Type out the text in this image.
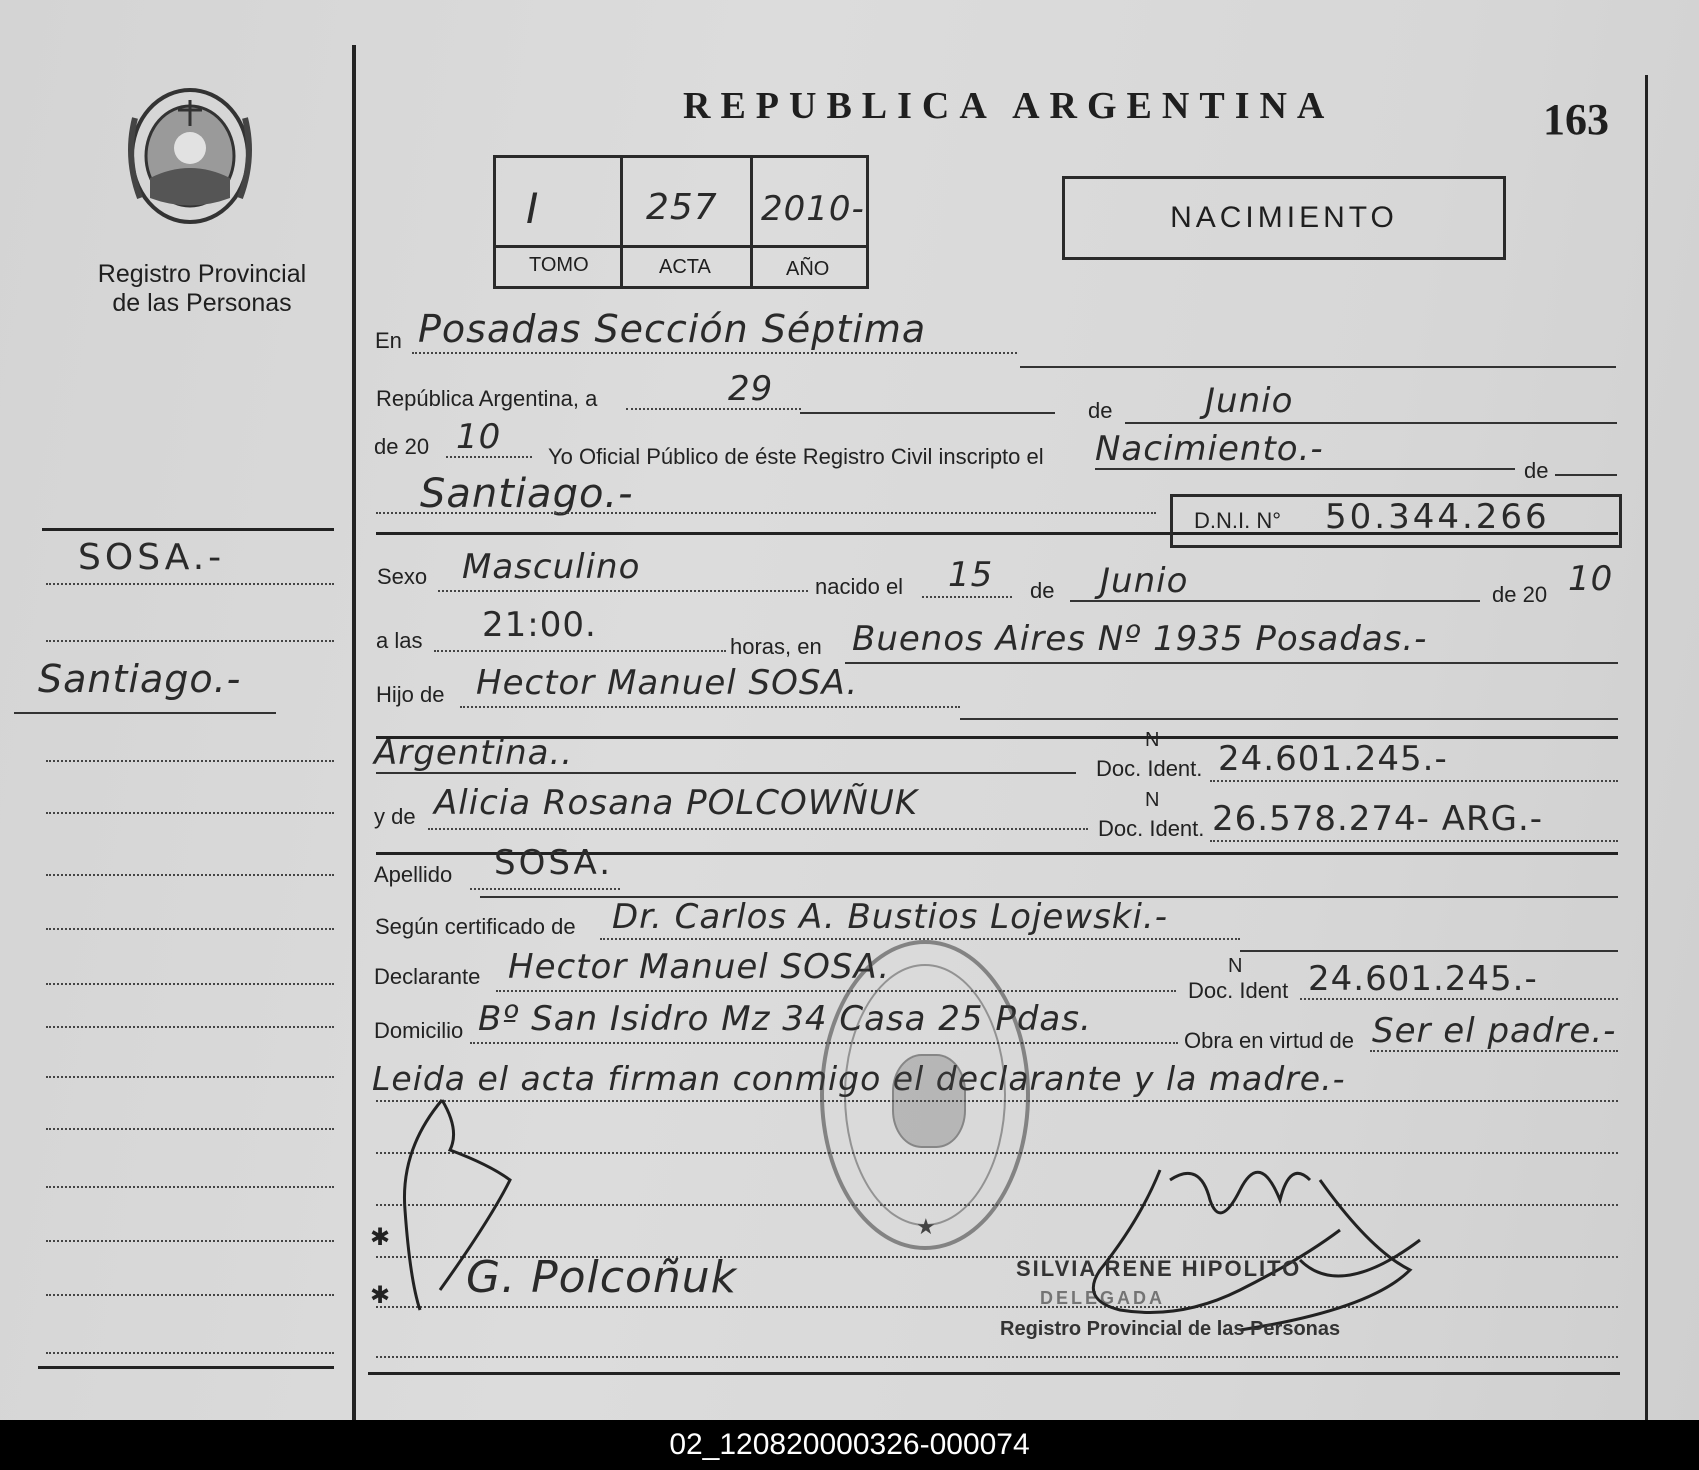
Registro Provincial
de las Personas
SOSA.-
Santiago.-
REPUBLICA ARGENTINA	163
I	257 2010-
TOMO	ACTA	AÑO
NACIMIENTO
En Posadas Sección Séptima
República Argentina, a	29
de	Junio
de 20 10 Yo Oficial Público de éste Registro Civil inscripto el Nacimiento.-
de
Santiago.-
D.N.I. N° 50.344.266
Sexo Masculino	nacido el 15 de Junio	de 20 10
a las 21:00.
horas, en Buenos Aires Nº 1935 Posadas.-
Hijo de Hector Manuel SOSA.
Argentina..	N
Doc. Ident. 24.601.245.-
y de Alicia Rosana POLCOWÑUK	N
Doc. Ident. 26.578.274- ARG.-
Apellido SOSA.
Según certificado de Dr. Carlos A. Bustios Lojewski.-
Declarante Hector Manuel SOSA.	N
Doc. Ident 24.601.245.-
Domicilio Bº San Isidro Mz 34 Casa 25 Pdas.
Obra en virtud de Ser el padre.-
Leida el acta firman conmigo el declarante y la madre.-
★
✱
✱ G. Polcoñuk	SILVIA RENE HIPOLITO
DELEGADA
Registro Provincial de las Personas
02_120820000326-000074
